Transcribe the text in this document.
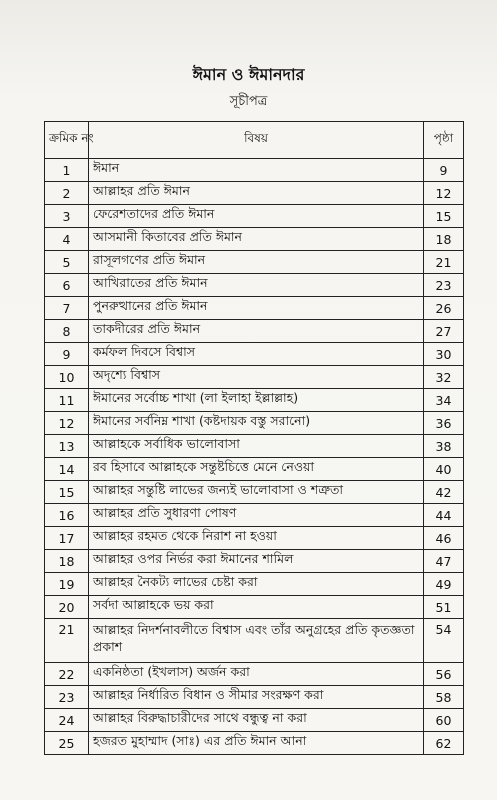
ঈমান ও ঈমানদার
সূচীপত্র
ক্রমিক নং	বিষয়	পৃষ্ঠা
1	ঈমান	9
2	আল্লাহর প্রতি ঈমান	12
3	ফেরেশতাদের প্রতি ঈমান	15
4	আসমানী কিতাবের প্রতি ঈমান	18
5	রাসূলগণের প্রতি ঈমান	21
6	আখিরাতের প্রতি ঈমান	23
7	পুনরুত্থানের প্রতি ঈমান	26
8	তাকদীরের প্রতি ঈমান	27
9	কর্মফল দিবসে বিশ্বাস	30
10	অদৃশ্যে বিশ্বাস	32
11	ঈমানের সর্বোচ্চ শাখা (লা ইলাহা ইল্লাল্লাহ)	34
12	ঈমানের সর্বনিম্ন শাখা (কষ্টদায়ক বস্তু সরানো)	36
13	আল্লাহকে সর্বাধিক ভালোবাসা	38
14	রব হিসাবে আল্লাহকে সন্তুষ্টচিত্তে মেনে নেওয়া	40
15	আল্লাহর সন্তুষ্টি লাভের জন্যই ভালোবাসা ও শত্রুতা	42
16	আল্লাহর প্রতি সুধারণা পোষণ	44
17	আল্লাহর রহমত থেকে নিরাশ না হওয়া	46
18	আল্লাহর ওপর নির্ভর করা ঈমানের শামিল	47
19	আল্লাহর নৈকট্য লাভের চেষ্টা করা	49
20	সর্বদা আল্লাহকে ভয় করা	51
21	আল্লাহর নিদর্শনাবলীতে বিশ্বাস এবং তাঁর অনুগ্রহের প্রতি কৃতজ্ঞতা প্রকাশ	54
22	একনিষ্ঠতা (ইখলাস) অর্জন করা	56
23	আল্লাহর নির্ধারিত বিধান ও সীমার সংরক্ষণ করা	58
24	আল্লাহর বিরুদ্ধাচারীদের সাথে বন্ধুত্ব না করা	60
25	হজরত মুহাম্মাদ (সাঃ) এর প্রতি ঈমান আনা	62
